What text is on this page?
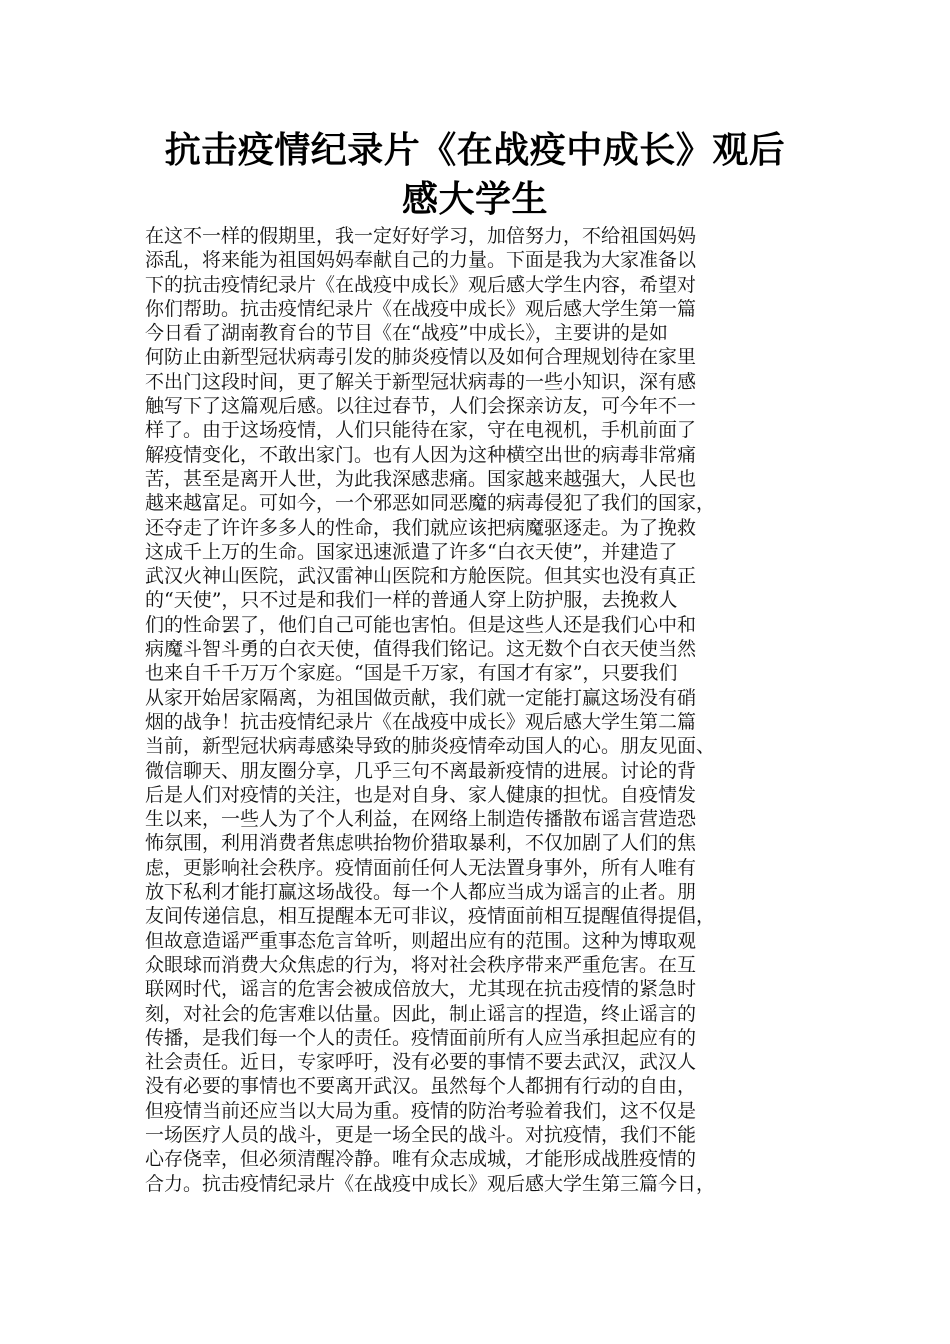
抗击疫情纪录片《在战疫中成长》观后
感大学生
在这不一样的假期里，我一定好好学习，加倍努力，不给祖国妈妈
添乱，将来能为祖国妈妈奉献自己的力量。下面是我为大家准备以
下的抗击疫情纪录片《在战疫中成长》观后感大学生内容，希望对
你们帮助。抗击疫情纪录片《在战疫中成长》观后感大学生第一篇
今日看了湖南教育台的节目《在“战疫”中成长》，主要讲的是如
何防止由新型冠状病毒引发的肺炎疫情以及如何合理规划待在家里
不出门这段时间，更了解关于新型冠状病毒的一些小知识，深有感
触写下了这篇观后感。以往过春节，人们会探亲访友，可今年不一
样了。由于这场疫情，人们只能待在家，守在电视机，手机前面了
解疫情变化，不敢出家门。也有人因为这种横空出世的病毒非常痛
苦，甚至是离开人世，为此我深感悲痛。国家越来越强大，人民也
越来越富足。可如今，一个邪恶如同恶魔的病毒侵犯了我们的国家，
还夺走了许许多多人的性命，我们就应该把病魔驱逐走。为了挽救
这成千上万的生命。国家迅速派遣了许多“白衣天使”，并建造了
武汉火神山医院，武汉雷神山医院和方舱医院。但其实也没有真正
的“天使”，只不过是和我们一样的普通人穿上防护服，去挽救人
们的性命罢了，他们自己可能也害怕。但是这些人还是我们心中和
病魔斗智斗勇的白衣天使，值得我们铭记。这无数个白衣天使当然
也来自千千万万个家庭。“国是千万家，有国才有家”，只要我们
从家开始居家隔离，为祖国做贡献，我们就一定能打赢这场没有硝
烟的战争！抗击疫情纪录片《在战疫中成长》观后感大学生第二篇
当前，新型冠状病毒感染导致的肺炎疫情牵动国人的心。朋友见面、
微信聊天、朋友圈分享，几乎三句不离最新疫情的进展。讨论的背
后是人们对疫情的关注，也是对自身、家人健康的担忧。自疫情发
生以来，一些人为了个人利益，在网络上制造传播散布谣言营造恐
怖氛围，利用消费者焦虑哄抬物价猎取暴利，不仅加剧了人们的焦
虑，更影响社会秩序。疫情面前任何人无法置身事外，所有人唯有
放下私利才能打赢这场战役。每一个人都应当成为谣言的止者。朋
友间传递信息，相互提醒本无可非议，疫情面前相互提醒值得提倡，
但故意造谣严重事态危言耸听，则超出应有的范围。这种为博取观
众眼球而消费大众焦虑的行为，将对社会秩序带来严重危害。在互
联网时代，谣言的危害会被成倍放大，尤其现在抗击疫情的紧急时
刻，对社会的危害难以估量。因此，制止谣言的捏造，终止谣言的
传播，是我们每一个人的责任。疫情面前所有人应当承担起应有的
社会责任。近日，专家呼吁，没有必要的事情不要去武汉，武汉人
没有必要的事情也不要离开武汉。虽然每个人都拥有行动的自由，
但疫情当前还应当以大局为重。疫情的防治考验着我们，这不仅是
一场医疗人员的战斗，更是一场全民的战斗。对抗疫情，我们不能
心存侥幸，但必须清醒冷静。唯有众志成城，才能形成战胜疫情的
合力。抗击疫情纪录片《在战疫中成长》观后感大学生第三篇今日，
